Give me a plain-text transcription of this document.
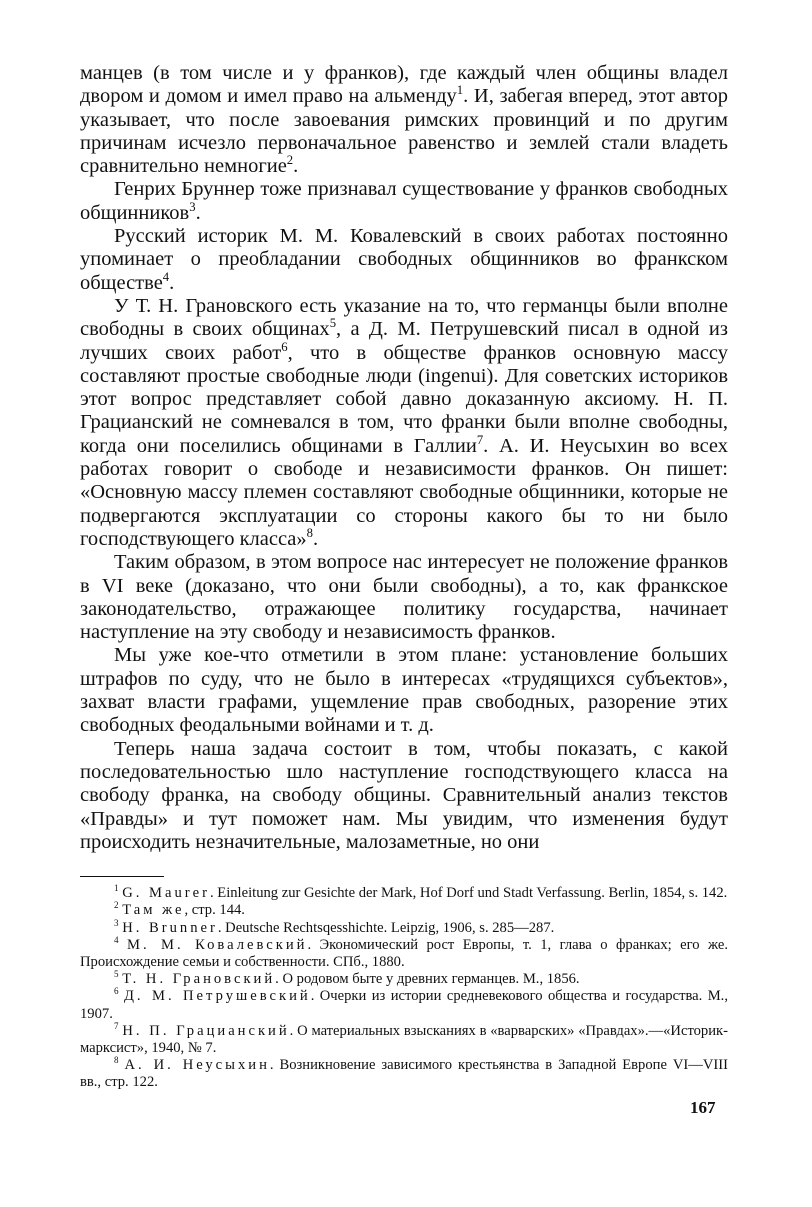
манцев (в том числе и у франков), где каждый член общины владел двором и домом и имел право на альменду$^1$. И, забегая вперед, этот автор указывает, что после завоевания римских провинций и по другим причинам исчезло первоначальное равенство и землей стали владеть сравнительно немногие$^2$.

Генрих Бруннер тоже признавал существование у франков свободных общинников$^3$.

Русский историк М. М. Ковалевский в своих работах постоянно упоминает о преобладании свободных общинников во франкском обществе$^4$.

У Т. Н. Грановского есть указание на то, что германцы были вполне свободны в своих общинах$^5$, а Д. М. Петрушевский писал в одной из лучших своих работ$^6$, что в обществе франков основную массу составляют простые свободные люди (ingenui). Для советских историков этот вопрос представляет собой давно доказанную аксиому. Н. П. Грацианский не сомневался в том, что франки были вполне свободны, когда они поселились общинами в Галлии$^7$. А. И. Неусыхин во всех работах говорит о свободе и независимости франков. Он пишет: «Основную массу племен составляют свободные общинники, которые не подвергаются эксплуатации со стороны какого бы то ни было господствующего класса»$^8$.

Таким образом, в этом вопросе нас интересует не положение франков в VI веке (доказано, что они были свободны), а то, как франкское законодательство, отражающее политику государства, начинает наступление на эту свободу и независимость франков.

Мы уже кое-что отметили в этом плане: установление больших штрафов по суду, что не было в интересах «трудящихся субъектов», захват власти графами, ущемление прав свободных, разорение этих свободных феодальными войнами и т. д.

Теперь наша задача состоит в том, чтобы показать, с какой последовательностью шло наступление господствующего класса на свободу франка, на свободу общины. Сравнительный анализ текстов «Правды» и тут поможет нам. Мы увидим, что изменения будут происходить незначительные, малозаметные, но они

$^1$ G. Maurer. Einleitung zur Gesichte der Mark, Hof Dorf und Stadt Verfassung. Berlin, 1854, s. 142.

$^2$ Там же, стр. 144.

$^3$ H. Brunner. Deutsche Rechtsqesshichte. Leipzig, 1906, s. 285—287.

$^4$ М. М. Ковалевский. Экономический рост Европы, т. 1, глава о франках; его же. Происхождение семьи и собственности. СПб., 1880.

$^5$ Т. Н. Грановский. О родовом быте у древних германцев. М., 1856.

$^6$ Д. М. Петрушевский. Очерки из истории средневекового общества и государства. М., 1907.

$^7$ Н. П. Грацианский. О материальных взысканиях в «варварских» «Правдах».—«Историк-марксист», 1940, № 7.

$^8$ А. И. Неусыхин. Возникновение зависимого крестьянства в Западной Европе VI—VIII вв., стр. 122.

167
